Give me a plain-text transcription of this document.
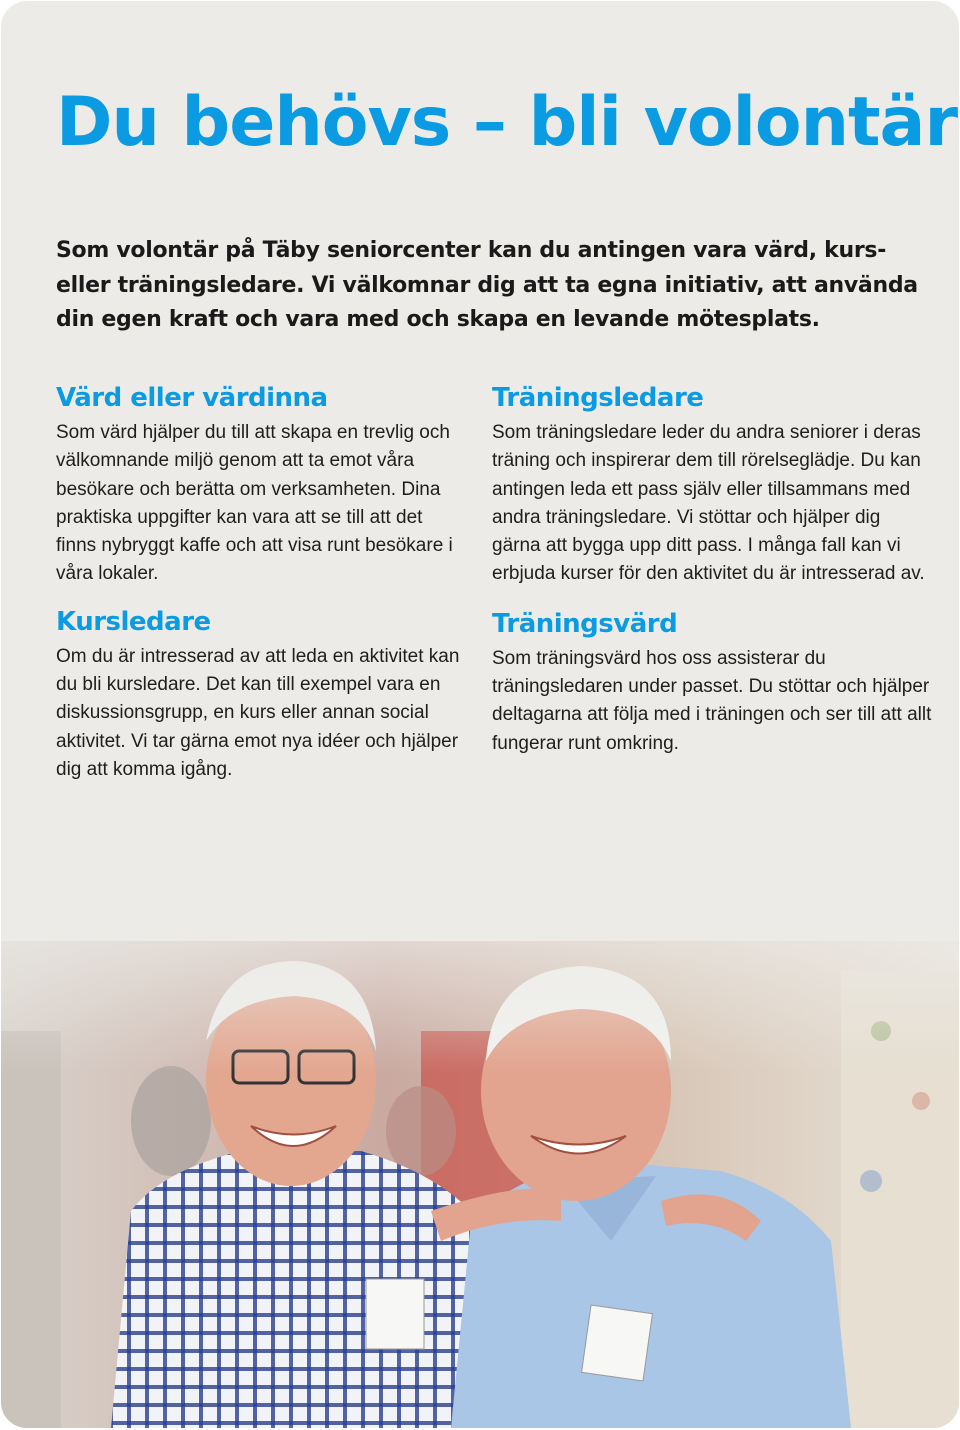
Du behövs – bli volontär

Som volontär på Täby seniorcenter kan du antingen vara värd, kurs- eller träningsledare. Vi välkomnar dig att ta egna initiativ, att använda din egen kraft och vara med och skapa en levande mötesplats.

Värd eller värdinna

Som värd hjälper du till att skapa en trevlig och välkomnande miljö genom att ta emot våra besökare och berätta om verksamheten. Dina praktiska uppgifter kan vara att se till att det finns nybryggt kaffe och att visa runt besökare i våra lokaler.

Kursledare

Om du är intresserad av att leda en aktivitet kan du bli kursledare. Det kan till exempel vara en diskussionsgrupp, en kurs eller annan social aktivitet. Vi tar gärna emot nya idéer och hjälper dig att komma igång.

Träningsledare

Som träningsledare leder du andra seniorer i deras träning och inspirerar dem till rörelseglädje. Du kan antingen leda ett pass själv eller tillsammans med andra träningsledare. Vi stöttar och hjälper dig gärna att bygga upp ditt pass. I många fall kan vi erbjuda kurser för den aktivitet du är intresserad av.

Träningsvärd

Som träningsvärd hos oss assisterar du träningsledaren under passet. Du stöttar och hjälper deltagarna att följa med i träningen och ser till att allt fungerar runt omkring.
